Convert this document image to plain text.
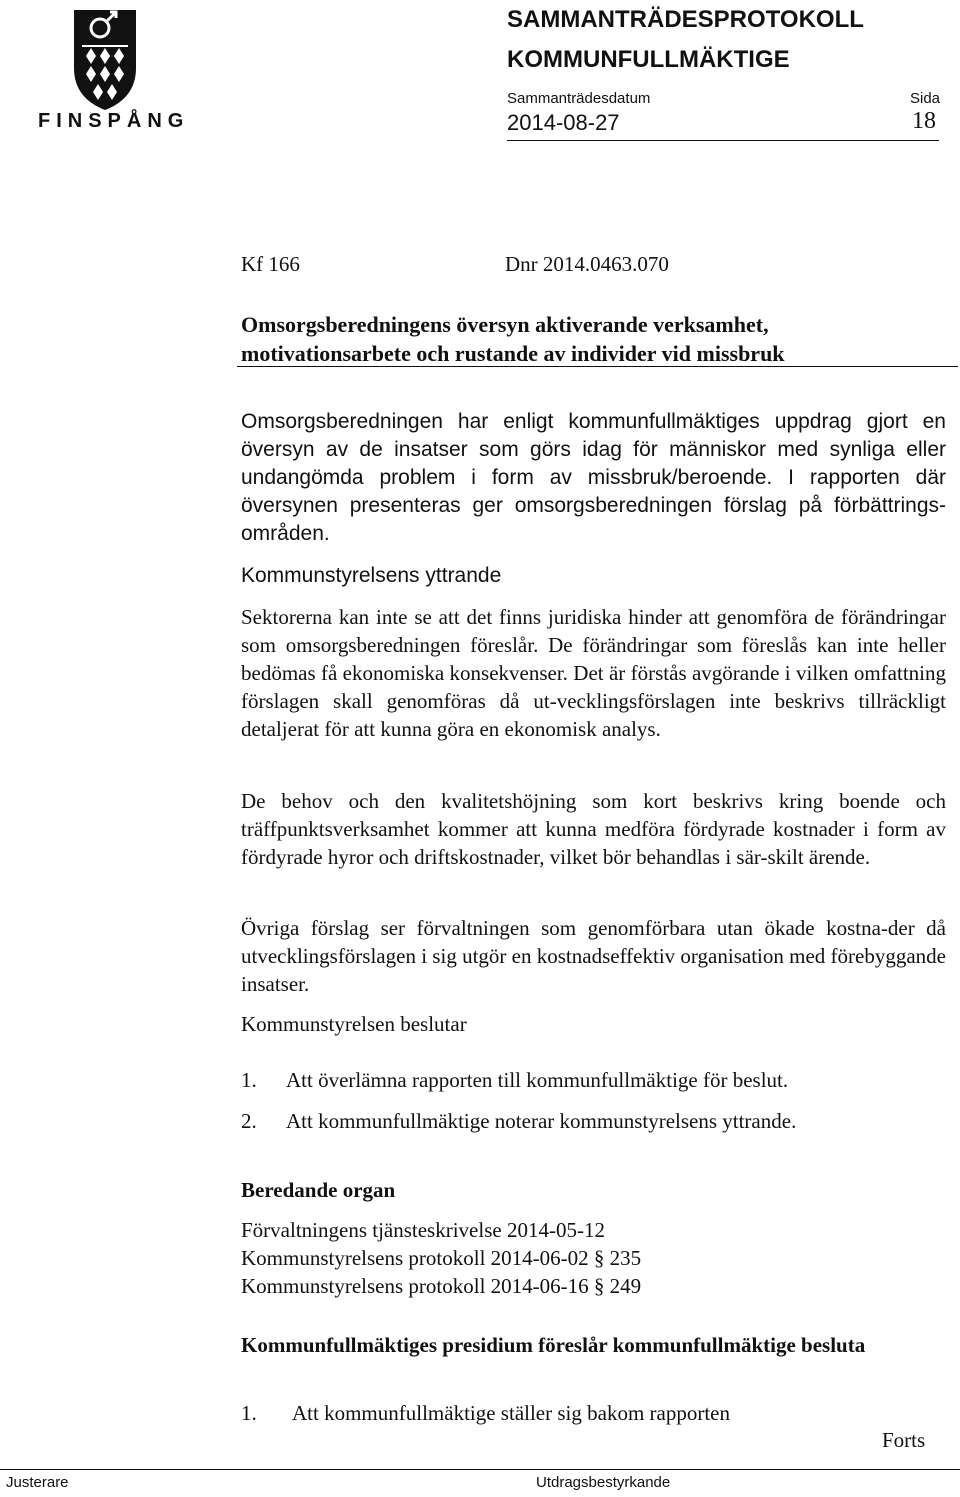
FINSPÅNG
SAMMANTRÄDESPROTOKOLL
KOMMUNFULLMÄKTIGE
Sammanträdesdatum	Sida
2014-08-27	18
Kf 166	Dnr 2014.0463.070
Omsorgsberedningens översyn aktiverande verksamhet,
motivationsarbete och rustande av individer vid missbruk
Omsorgsberedningen har enligt kommunfullmäktiges uppdrag gjort en översyn av de insatser som görs idag för människor med synliga eller undangömda problem i form av missbruk/beroende. I rapporten där översynen presenteras ger omsorgsberedningen förslag på förbättrings-områden.
Kommunstyrelsens yttrande
Sektorerna kan inte se att det finns juridiska hinder att genomföra de förändringar som omsorgsberedningen föreslår. De förändringar som föreslås kan inte heller bedömas få ekonomiska konsekvenser. Det är förstås avgörande i vilken omfattning förslagen skall genomföras då ut-vecklingsförslagen inte beskrivs tillräckligt detaljerat för att kunna göra en ekonomisk analys.
De behov och den kvalitetshöjning som kort beskrivs kring boende och träffpunktsverksamhet kommer att kunna medföra fördyrade kostnader i form av fördyrade hyror och driftskostnader, vilket bör behandlas i sär-skilt ärende.
Övriga förslag ser förvaltningen som genomförbara utan ökade kostna-der då utvecklingsförslagen i sig utgör en kostnadseffektiv organisation med förebyggande insatser.
Kommunstyrelsen beslutar
1. Att överlämna rapporten till kommunfullmäktige för beslut.
2. Att kommunfullmäktige noterar kommunstyrelsens yttrande.
Beredande organ
Förvaltningens tjänsteskrivelse 2014-05-12
Kommunstyrelsens protokoll 2014-06-02 § 235
Kommunstyrelsens protokoll 2014-06-16 § 249
Kommunfullmäktiges presidium föreslår kommunfullmäktige besluta
1. Att kommunfullmäktige ställer sig bakom rapporten
Forts
Justerare	Utdragsbestyrkande
